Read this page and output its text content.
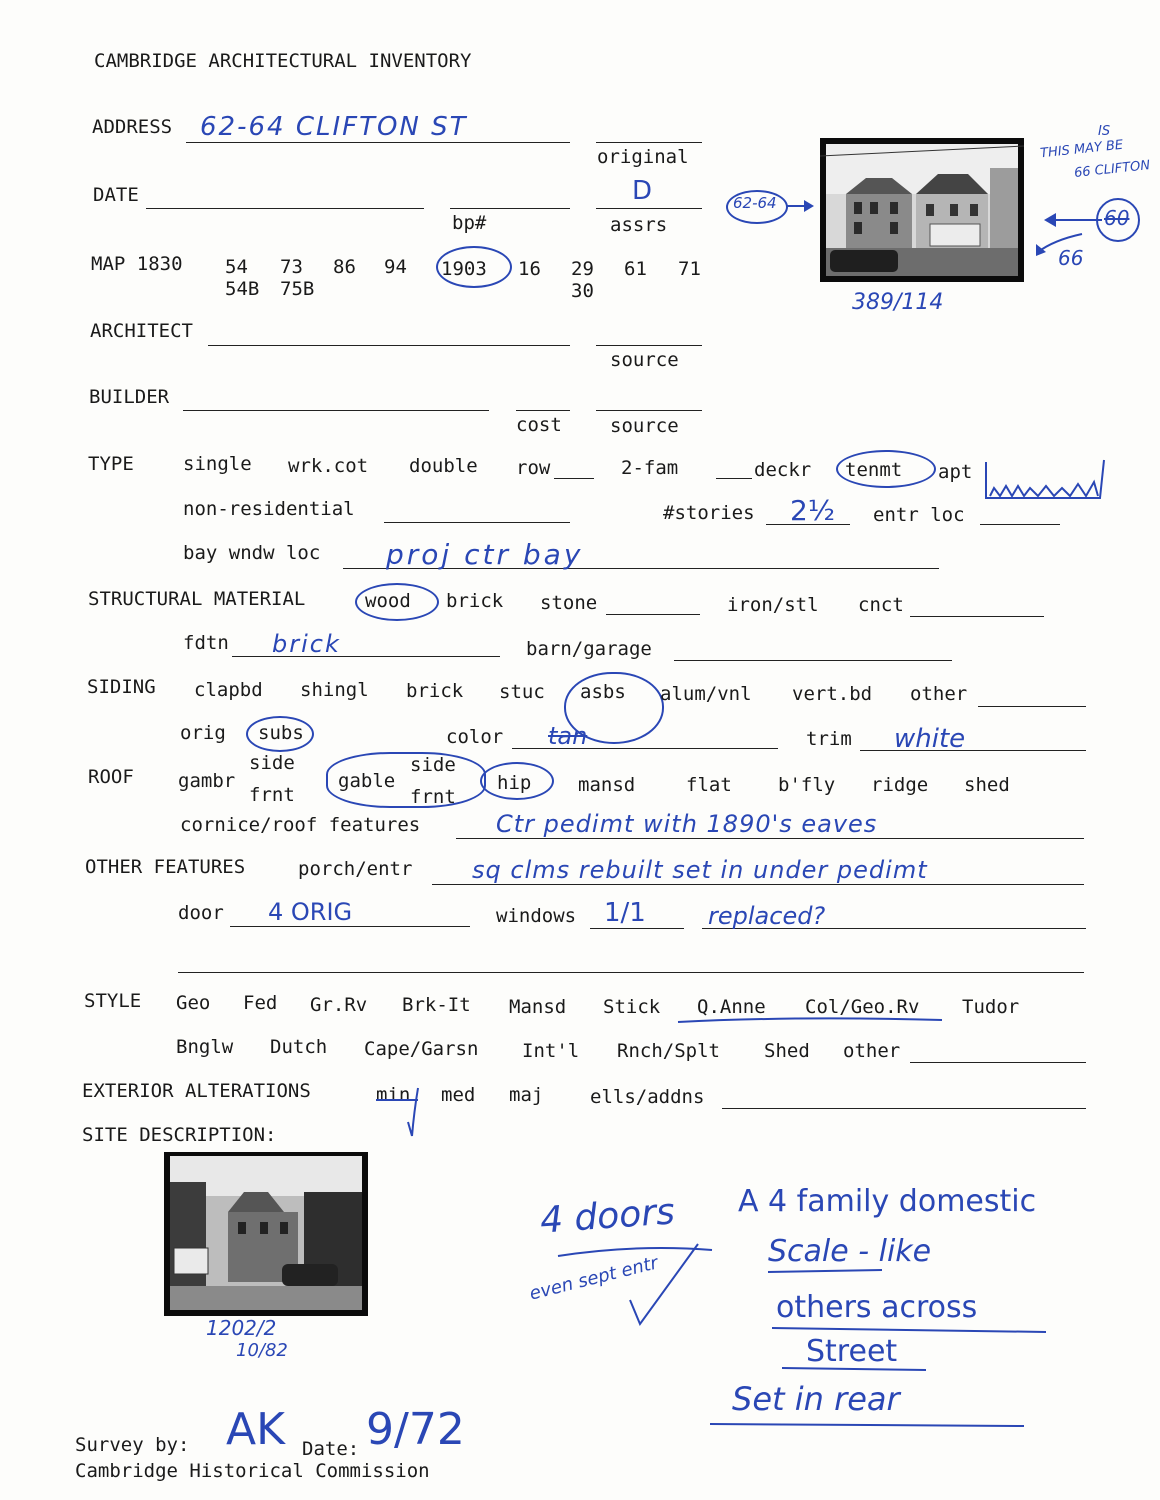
CAMBRIDGE ARCHITECTURAL INVENTORY
ADDRESS 62-64 CLIFTON ST
original
DATE
bp#	assrs
D
MAP 1830 54 73 86 94 1903 16 29 61 71
54B 75B	30	389/114
62-64
IS
THIS MAY BE
66 CLIFTON
60
66
ARCHITECT
source
BUILDER
cost	source
TYPE	single wrk.cot double row	2-fam	deckr tenmt apt
non-residential	#stories 2½ entr loc
bay wndw loc proj ctr bay
STRUCTURAL MATERIAL	wood brick stone	iron/stl cnct
fdtn brick	barn/garage
SIDING clapbd shingl brick stuc asbs alum/vnl vert.bd other
orig subs	color tan	trim white
ROOF gambr
side
frnt
gable
side
frnt
hip mansd	flat b'fly ridge shed
cornice/roof features	Ctr pedimt with 1890's eaves
OTHER FEATURES	porch/entr sq clms rebuilt set in under pedimt
door 4 ORIG	windows 1/1	replaced?
STYLE Geo Fed Gr.Rv Brk-It Mansd Stick Q.Anne Col/Geo.Rv Tudor
Bnglw Dutch Cape/Garsn Int'l Rnch/Splt Shed other
EXTERIOR ALTERATIONS	min med maj ells/addns
SITE DESCRIPTION:
1202/2
10/82
4 doors
even sept entr
A 4 family domestic
Scale - like
others across
Street
Set in rear
Survey by: AK Date: 9/72
Cambridge Historical Commission
